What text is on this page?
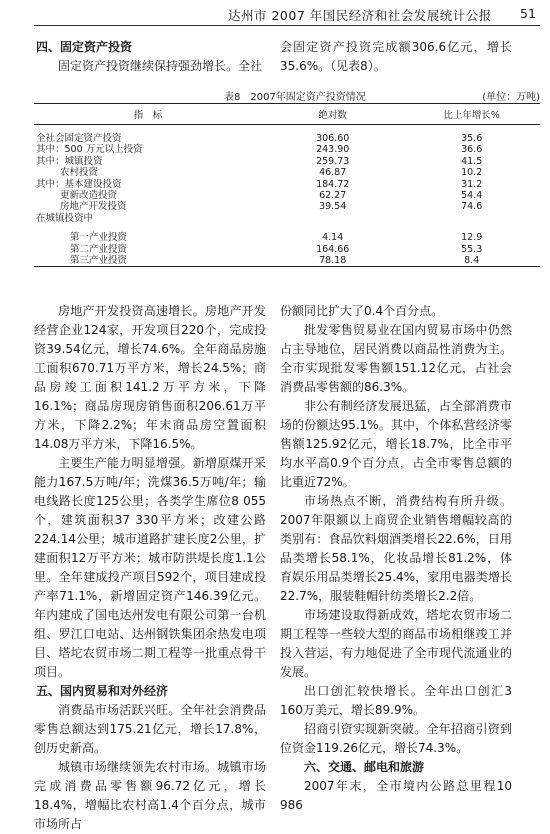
达州市 2007 年国民经济和社会发展统计公报 51

四、固定资产投资

固定资产投资继续保持强劲增长。全社

会固定资产投资完成额306.6亿元，增长35.6%。（见表8）。

表8　2007年固定资产投资情况	(单位：万吨)
指　标	绝对数	比上年增长%

全社会固定资产投资	306.60	35.6
其中：500 万元以上投资	243.90	36.6
其中：城镇投资	259.73	41.5
农村投资	46.87	10.2
其中：基本建设投资	184.72	31.2
更新改造投资	62.27	54.4
房地产开发投资	39.54	74.6
在城镇投资中		

第一产业投资	4.14	12.9
第二产业投资	164.66	55.3
第三产业投资	78.18	8.4

房地产开发投资高速增长。房地产开发经营企业124家，开发项目220个，完成投资39.54亿元，增长74.6%。全年商品房施工面积670.71万平方米，增长24.5%；商品房竣工面积141.2万平方米，下降16.1%；商品房现房销售面积206.61万平方米，下降2.2%；年末商品房空置面积14.08万平方米，下降16.5%。

主要生产能力明显增强。新增原煤开采能力167.5万吨/年；洗煤36.5万吨/年；输电线路长度125公里；各类学生席位8 055个，建筑面积37 330平方米；改建公路224.14公里；城市道路扩建长度2公里，扩建面积12万平方米；城市防洪堤长度1.1公里。全年建成投产项目592个，项目建成投产率71.1%，新增固定资产146.39亿元。年内建成了国电达州发电有限公司第一台机组、罗江口电站、达州钢铁集团余热发电项目、塔坨农贸市场二期工程等一批重点骨干项目。

五、国内贸易和对外经济

消费品市场活跃兴旺。全年社会消费品零售总额达到175.21亿元，增长17.8%，创历史新高。

城镇市场继续领先农村市场。城镇市场完成消费品零售额96.72亿元，增长18.4%，增幅比农村高1.4个百分点，城市市场所占

份额同比扩大了0.4个百分点。

批发零售贸易业在国内贸易市场中仍然占主导地位，居民消费以商品性消费为主。全市实现批发零售额151.12亿元，占社会消费品零售额的86.3%。

非公有制经济发展迅猛，占全部消费市场的份额达95.1%。其中，个体私营经济零售额125.92亿元，增长18.7%，比全市平均水平高0.9个百分点，占全市零售总额的比重近72%。

市场热点不断，消费结构有所升级。2007年限额以上商贸企业销售增幅较高的类别有：食品饮料烟酒类增长22.6%，日用品类增长58.1%，化妆品增长81.2%，体育娱乐用品类增长25.4%，家用电器类增长22.7%，服装鞋帽针纺类增长2.2倍。

市场建设取得新成效，塔坨农贸市场二期工程等一些较大型的商品市场相继竣工并投入营运，有力地促进了全市现代流通业的发展。

出口创汇较快增长。全年出口创汇3 160万美元，增长89.9%。

招商引资实现新突破。全年招商引资到位资金119.26亿元，增长74.3%。

六、交通、邮电和旅游

2007年末，全市境内公路总里程10 986
